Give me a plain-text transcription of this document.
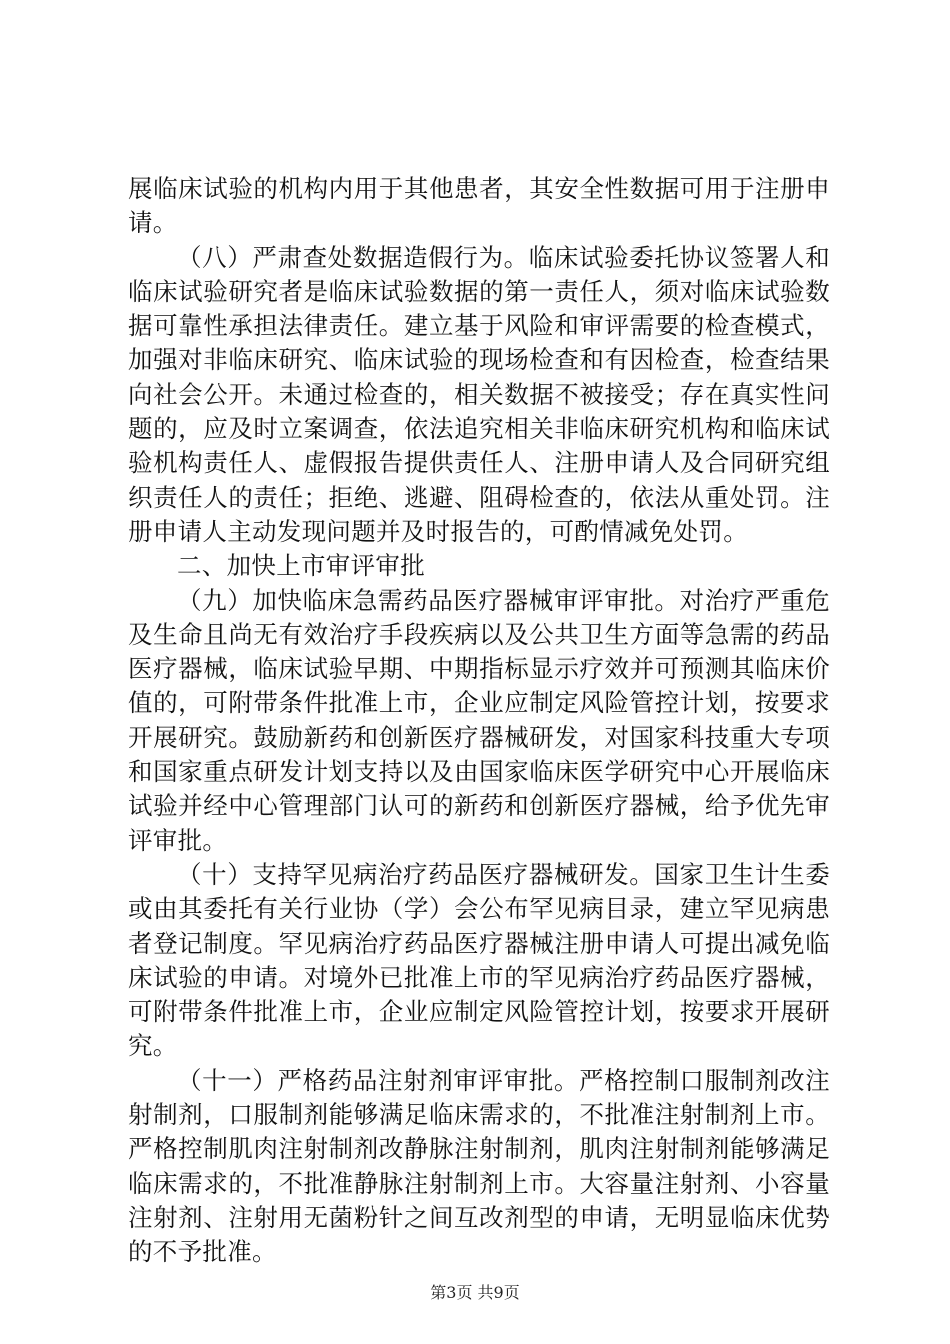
展临床试验的机构内用于其他患者，其安全性数据可用于注册申请。

（八）严肃查处数据造假行为。临床试验委托协议签署人和临床试验研究者是临床试验数据的第一责任人，须对临床试验数据可靠性承担法律责任。建立基于风险和审评需要的检查模式，加强对非临床研究、临床试验的现场检查和有因检查，检查结果向社会公开。未通过检查的，相关数据不被接受；存在真实性问题的，应及时立案调查，依法追究相关非临床研究机构和临床试验机构责任人、虚假报告提供责任人、注册申请人及合同研究组织责任人的责任；拒绝、逃避、阻碍检查的，依法从重处罚。注册申请人主动发现问题并及时报告的，可酌情减免处罚。

二、加快上市审评审批

（九）加快临床急需药品医疗器械审评审批。对治疗严重危及生命且尚无有效治疗手段疾病以及公共卫生方面等急需的药品医疗器械，临床试验早期、中期指标显示疗效并可预测其临床价值的，可附带条件批准上市，企业应制定风险管控计划，按要求开展研究。鼓励新药和创新医疗器械研发，对国家科技重大专项和国家重点研发计划支持以及由国家临床医学研究中心开展临床试验并经中心管理部门认可的新药和创新医疗器械，给予优先审评审批。

（十）支持罕见病治疗药品医疗器械研发。国家卫生计生委或由其委托有关行业协（学）会公布罕见病目录，建立罕见病患者登记制度。罕见病治疗药品医疗器械注册申请人可提出减免临床试验的申请。对境外已批准上市的罕见病治疗药品医疗器械，可附带条件批准上市，企业应制定风险管控计划，按要求开展研究。

（十一）严格药品注射剂审评审批。严格控制口服制剂改注射制剂，口服制剂能够满足临床需求的，不批准注射制剂上市。严格控制肌肉注射制剂改静脉注射制剂，肌肉注射制剂能够满足临床需求的，不批准静脉注射制剂上市。大容量注射剂、小容量注射剂、注射用无菌粉针之间互改剂型的申请，无明显临床优势的不予批准。

第3页 共9页
